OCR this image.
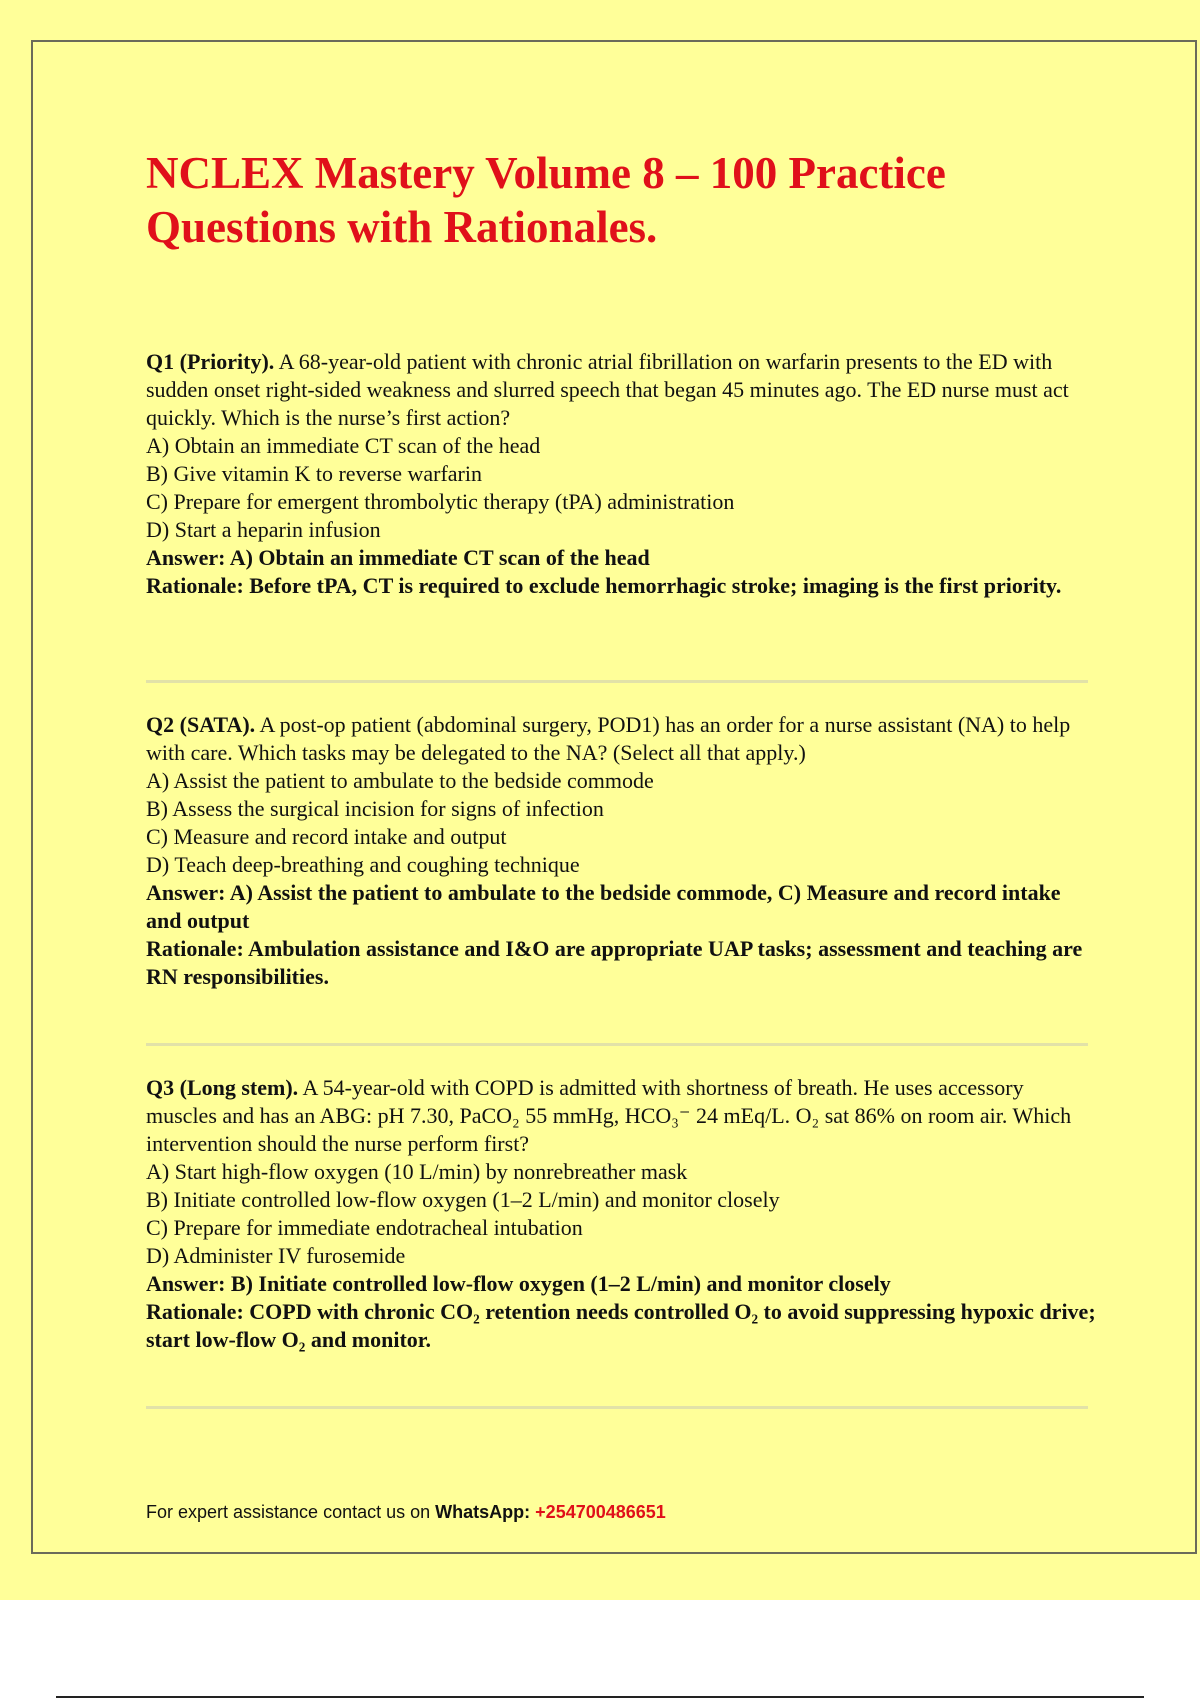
NCLEX Mastery Volume 8 – 100 Practice Questions with Rationales.

Q1 (Priority). A 68-year-old patient with chronic atrial fibrillation on warfarin presents to the ED with sudden onset right-sided weakness and slurred speech that began 45 minutes ago. The ED nurse must act quickly. Which is the nurse’s first action?

A) Obtain an immediate CT scan of the head

B) Give vitamin K to reverse warfarin

C) Prepare for emergent thrombolytic therapy (tPA) administration

D) Start a heparin infusion

Answer: A) Obtain an immediate CT scan of the head

Rationale: Before tPA, CT is required to exclude hemorrhagic stroke; imaging is the first priority.

Q2 (SATA). A post-op patient (abdominal surgery, POD1) has an order for a nurse assistant (NA) to help with care. Which tasks may be delegated to the NA? (Select all that apply.)

A) Assist the patient to ambulate to the bedside commode

B) Assess the surgical incision for signs of infection

C) Measure and record intake and output

D) Teach deep-breathing and coughing technique

Answer: A) Assist the patient to ambulate to the bedside commode, C) Measure and record intake and output

Rationale: Ambulation assistance and I&O are appropriate UAP tasks; assessment and teaching are RN responsibilities.

Q3 (Long stem). A 54-year-old with COPD is admitted with shortness of breath. He uses accessory muscles and has an ABG: pH 7.30, PaCO₂ 55 mmHg, HCO₃⁻ 24 mEq/L. O₂ sat 86% on room air. Which intervention should the nurse perform first?

A) Start high-flow oxygen (10 L/min) by nonrebreather mask

B) Initiate controlled low-flow oxygen (1–2 L/min) and monitor closely

C) Prepare for immediate endotracheal intubation

D) Administer IV furosemide

Answer: B) Initiate controlled low-flow oxygen (1–2 L/min) and monitor closely

Rationale: COPD with chronic CO₂ retention needs controlled O₂ to avoid suppressing hypoxic drive; start low-flow O₂ and monitor.

For expert assistance contact us on WhatsApp: +254700486651
